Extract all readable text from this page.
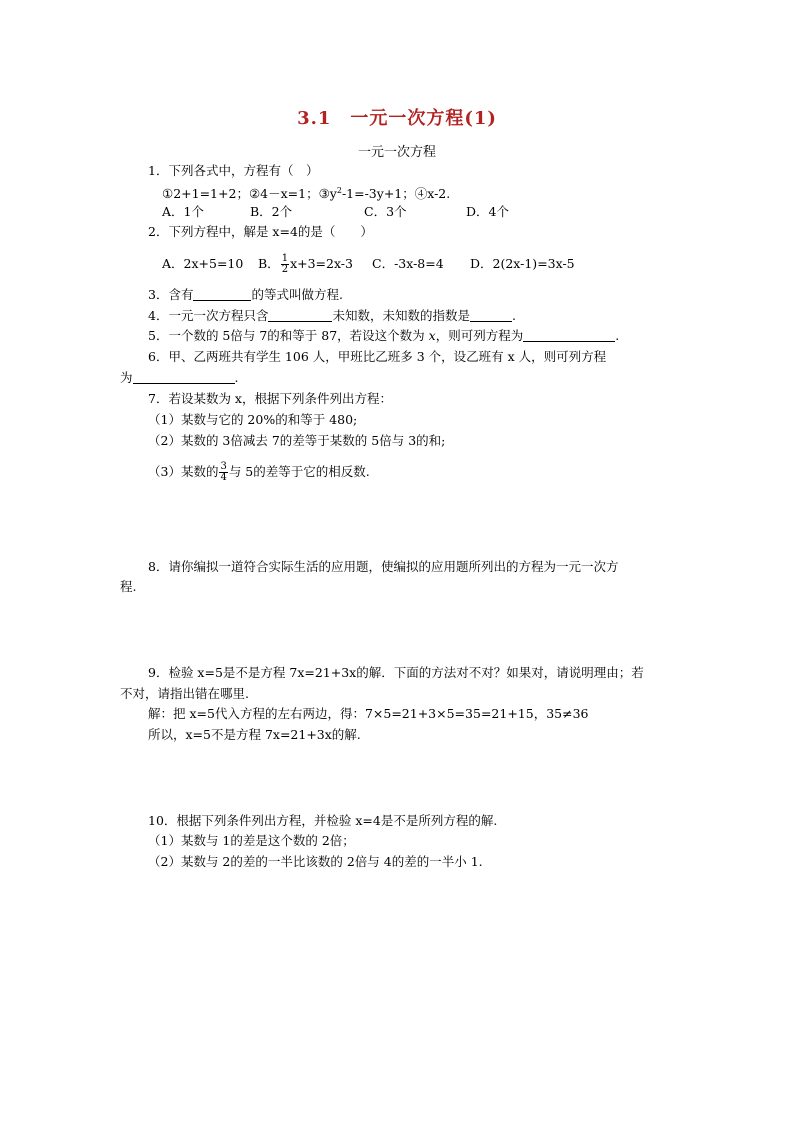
3.1　一元一次方程(1)
一元一次方程
1．下列各式中，方程有（　）
①2+1=1+2；②4－x=1；$③y^2-1=-3y+1$；④x-2.
A．1个	B．2个	C．3个	D．4个
2．下列方程中，解是 x=4的是（　　）
A．2x+5=10 B． $\frac{1}{2} x+3=2x-3$ C．-3x-8=4 D．2(2x-1)=3x-5
3．含有	的等式叫做方程.
4．一元一次方程只含	未知数，未知数的指数是	.
5．一个数的 5倍与 7的和等于 87，若设这个数为 x，则可列方程为	.
6．甲、乙两班共有学生 106 人，甲班比乙班多 3 个，设乙班有 x 人，则可列方程
为	.
7．若设某数为 x，根据下列条件列出方程：
（1）某数与它的 20%的和等于 480;
（2）某数的 3倍减去 7的差等于某数的 5倍与 3的和;
（3）某数的 $\frac{3}{4}$ 与 5的差等于它的相反数.
8．请你编拟一道符合实际生活的应用题，使编拟的应用题所列出的方程为一元一次方
程.
9．检验 x=5是不是方程 7x=21+3x的解．下面的方法对不对？如果对，请说明理由；若
不对，请指出错在哪里.
解：把 x=5代入方程的左右两边，得：7×5=21+3×5=35=21+15，35≠36
所以，x=5不是方程 7x=21+3x的解.
10．根据下列条件列出方程，并检验 x=4是不是所列方程的解.
（1）某数与 1的差是这个数的 2倍；
（2）某数与 2的差的一半比该数的 2倍与 4的差的一半小 1.
